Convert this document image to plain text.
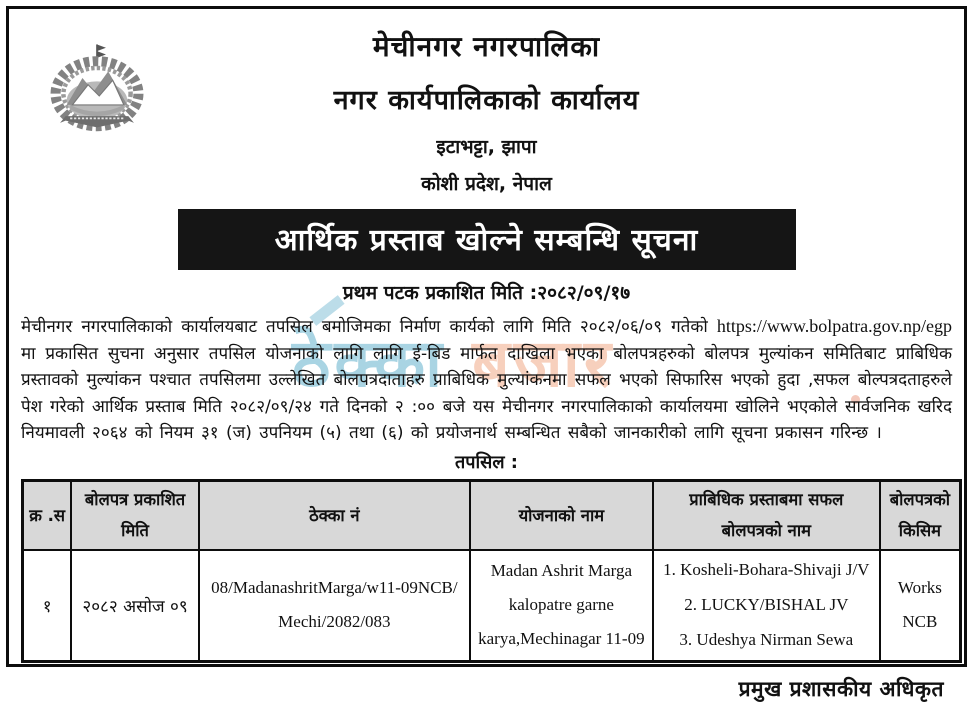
ठेक्का बजार
मेचीनगर नगरपालिका
नगर कार्यपालिकाको कार्यालय
इटाभट्टा, झापा
कोशी प्रदेश, नेपाल
आर्थिक प्रस्ताब खोल्ने सम्बन्धि सूचना
प्रथम पटक प्रकाशित मिति :२०८२/०९/१७
मेचीनगर नगरपालिकाको कार्यालयबाट तपसिल बमोजिमका निर्माण कार्यको लागि मिति २०८२/०६/०९ गतेको https://www.bolpatra.gov.np/egp मा प्रकासित सुचना अनुसार तपसिल योजनाको लागि लागि ई-बिड मार्फत दाखिला भएका बोलपत्रहरुको बोलपत्र मुल्यांकन समितिबाट प्राबिधिक प्रस्तावको मुल्यांकन पश्चात तपसिलमा उल्लेखित बोलपत्रदाताहरु प्राबिधिक मुल्यांकनमा सफल भएको सिफारिस भएको हुदा ,सफल बोल्पत्रदताहरुले पेश गरेको आर्थिक प्रस्ताब मिति २०८२/०९/२४ गते दिनको २ :०० बजे यस मेचीनगर नगरपालिकाको कार्यालयमा खोलिने भएकोले सार्वजनिक खरिद नियमावली २०६४ को नियम ३१ (ज) उपनियम (५) तथा (६) को प्रयोजनार्थ सम्बन्धित सबैको जानकारीको लागि सूचना प्रकासन गरिन्छ ।
तपसिल :
क्र .स	बोलपत्र प्रकाशित मिति	ठेक्का नं	योजनाको नाम	प्राबिधिक प्रस्ताबमा सफल बोलपत्रको नाम	बोलपत्रको किसिम
१	२०८२ असोज ०९	08/MadanashritMarga/w11-09NCB/ Mechi/2082/083	Madan Ashrit Marga kalopatre garne karya,Mechinagar 11-09	1. Kosheli-Bohara-Shivaji J/V
2. LUCKY/BISHAL JV
3. Udeshya Nirman Sewa	Works NCB
प्रमुख प्रशासकीय अधिकृत
